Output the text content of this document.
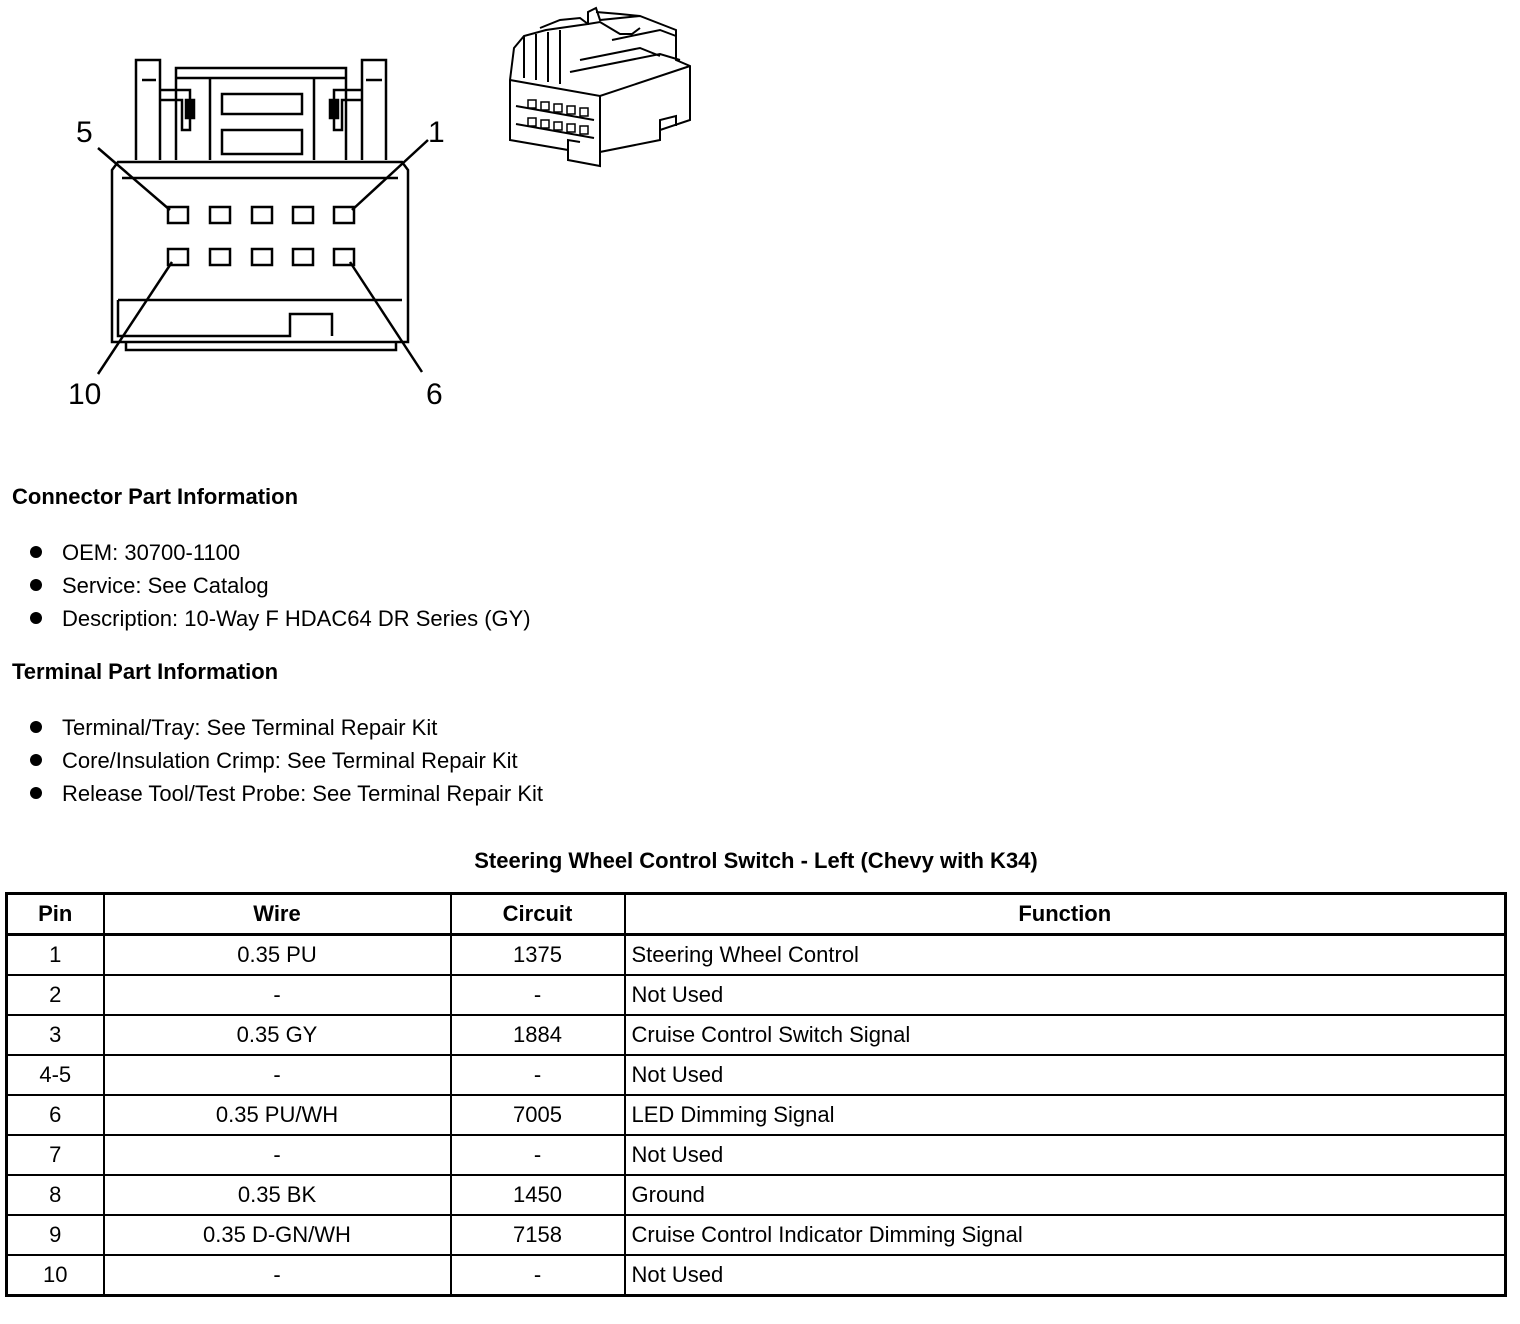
5	1
10	6
Connector Part Information
OEM: 30700-1100
Service: See Catalog
Description: 10-Way F HDAC64 DR Series (GY)
Terminal Part Information
Terminal/Tray: See Terminal Repair Kit
Core/Insulation Crimp: See Terminal Repair Kit
Release Tool/Test Probe: See Terminal Repair Kit
Steering Wheel Control Switch - Left (Chevy with K34)
Pin	Wire	Circuit	Function
1	0.35 PU	1375	Steering Wheel Control
2	-	-	Not Used
3	0.35 GY	1884	Cruise Control Switch Signal
4-5	-	-	Not Used
6	0.35 PU/WH	7005	LED Dimming Signal
7	-	-	Not Used
8	0.35 BK	1450	Ground
9	0.35 D-GN/WH	7158	Cruise Control Indicator Dimming Signal
10	-	-	Not Used
